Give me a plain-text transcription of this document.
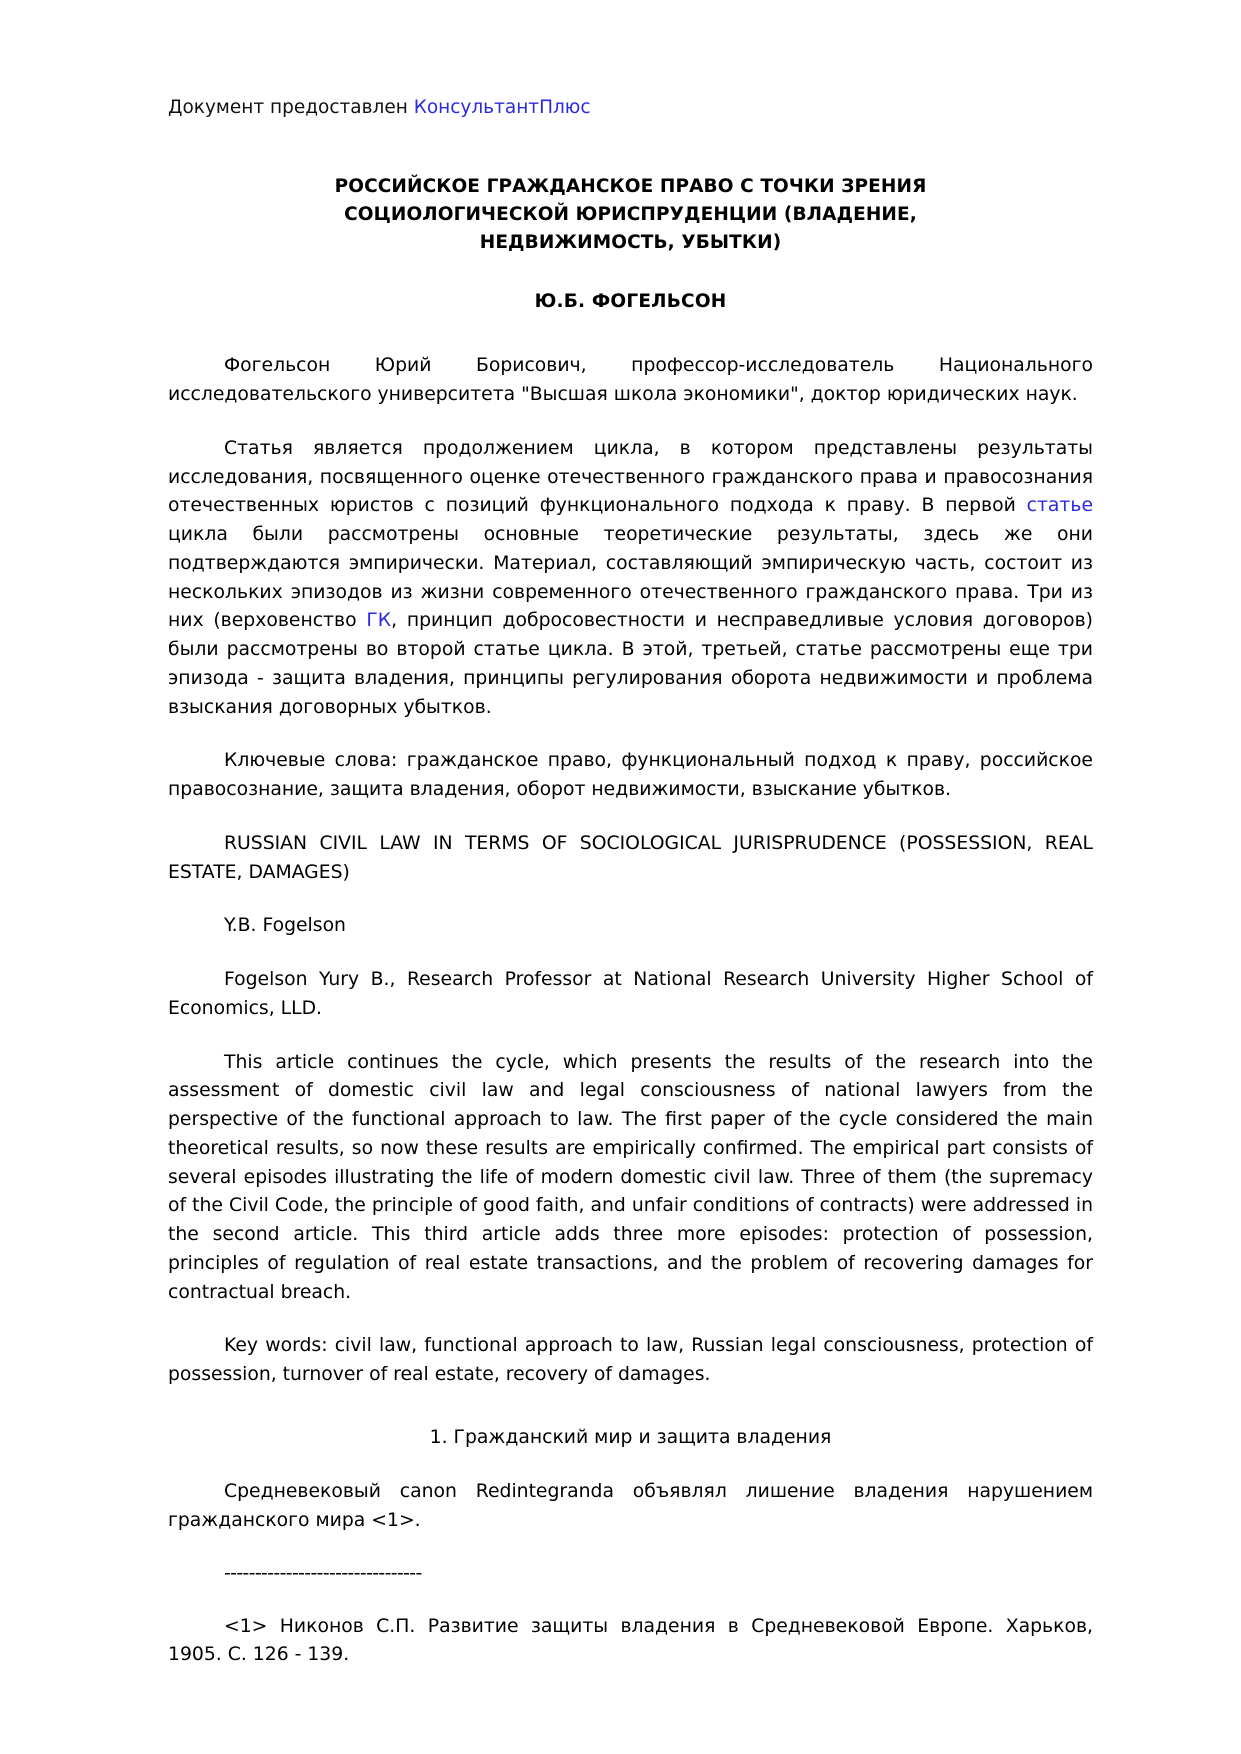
Документ предоставлен КонсультантПлюс
РОССИЙСКОЕ ГРАЖДАНСКОЕ ПРАВО С ТОЧКИ ЗРЕНИЯ СОЦИОЛОГИЧЕСКОЙ ЮРИСПРУДЕНЦИИ (ВЛАДЕНИЕ, НЕДВИЖИМОСТЬ, УБЫТКИ)
Ю.Б. ФОГЕЛЬСОН

Фогельсон Юрий Борисович, профессор-исследователь Национального исследовательского университета "Высшая школа экономики", доктор юридических наук.

Статья является продолжением цикла, в котором представлены результаты исследования, посвященного оценке отечественного гражданского права и правосознания отечественных юристов с позиций функционального подхода к праву. В первой статье цикла были рассмотрены основные теоретические результаты, здесь же они подтверждаются эмпирически. Материал, составляющий эмпирическую часть, состоит из нескольких эпизодов из жизни современного отечественного гражданского права. Три из них (верховенство ГК, принцип добросовестности и несправедливые условия договоров) были рассмотрены во второй статье цикла. В этой, третьей, статье рассмотрены еще три эпизода - защита владения, принципы регулирования оборота недвижимости и проблема взыскания договорных убытков.

Ключевые слова: гражданское право, функциональный подход к праву, российское правосознание, защита владения, оборот недвижимости, взыскание убытков.

RUSSIAN CIVIL LAW IN TERMS OF SOCIOLOGICAL JURISPRUDENCE (POSSESSION, REAL ESTATE, DAMAGES)

Y.B. Fogelson

Fogelson Yury B., Research Professor at National Research University Higher School of Economics, LLD.

This article continues the cycle, which presents the results of the research into the assessment of domestic civil law and legal consciousness of national lawyers from the perspective of the functional approach to law. The first paper of the cycle considered the main theoretical results, so now these results are empirically confirmed. The empirical part consists of several episodes illustrating the life of modern domestic civil law. Three of them (the supremacy of the Civil Code, the principle of good faith, and unfair conditions of contracts) were addressed in the second article. This third article adds three more episodes: protection of possession, principles of regulation of real estate transactions, and the problem of recovering damages for contractual breach.

Key words: civil law, functional approach to law, Russian legal consciousness, protection of possession, turnover of real estate, recovery of damages.

1. Гражданский мир и защита владения

Средневековый canon Redintegranda объявлял лишение владения нарушением гражданского мира <1>.

--------------------------------

<1> Никонов С.П. Развитие защиты владения в Средневековой Европе. Харьков, 1905. С. 126 - 139.
